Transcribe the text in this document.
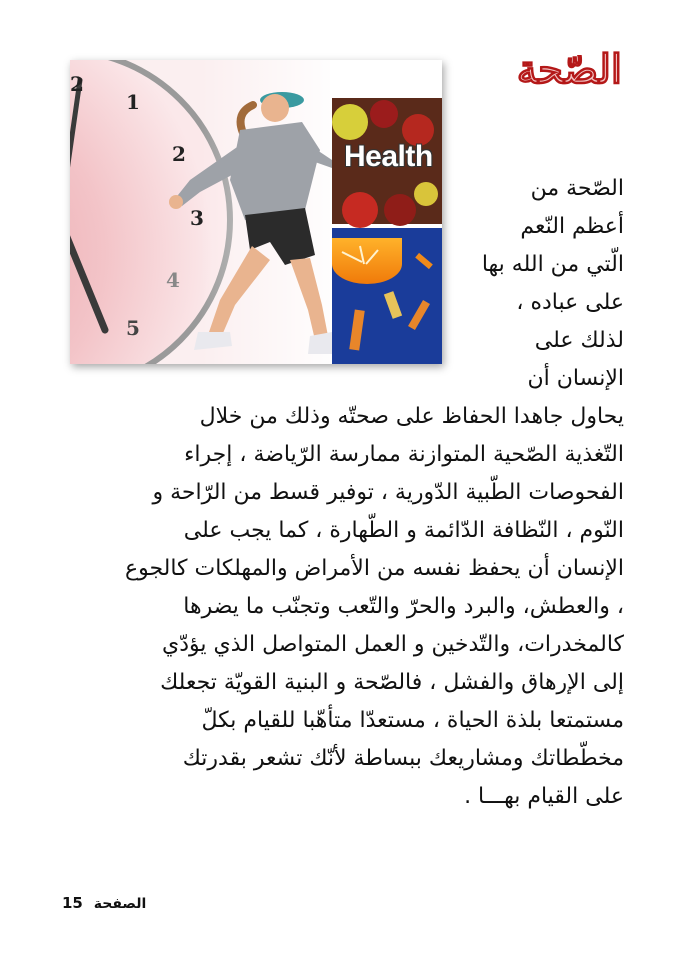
الصّحة
Health
2
1
2
3
4
5
الصّحة من
أعظم النّعم
الّتي من الله بها
على عباده ،
لذلك على
الإنسان أن
يحاول جاهدا الحفاظ على صحتّه وذلك من خلال
التّغذية الصّحية المتوازنة ممارسة الرّياضة ، إجراء
الفحوصات الطّبية الدّورية ، توفير قسط من الرّاحة و
النّوم ، النّظافة الدّائمة و الطّهارة ، كما يجب على
الإنسان أن يحفظ نفسه من الأمراض والمهلكات كالجوع
، والعطش، والبرد والحرّ والتّعب وتجنّب ما يضرها
كالمخدرات، والتّدخين و العمل المتواصل الذي يؤدّي
إلى الإرهاق والفشل ، فالصّحة و البنية القويّة تجعلك
مستمتعا بلذة الحياة ، مستعدّا متأهّبا للقيام بكلّ
مخطّطاتك ومشاريعك ببساطة لأنّك تشعر بقدرتك
على القيام بهـــا .
15 الصفحة
